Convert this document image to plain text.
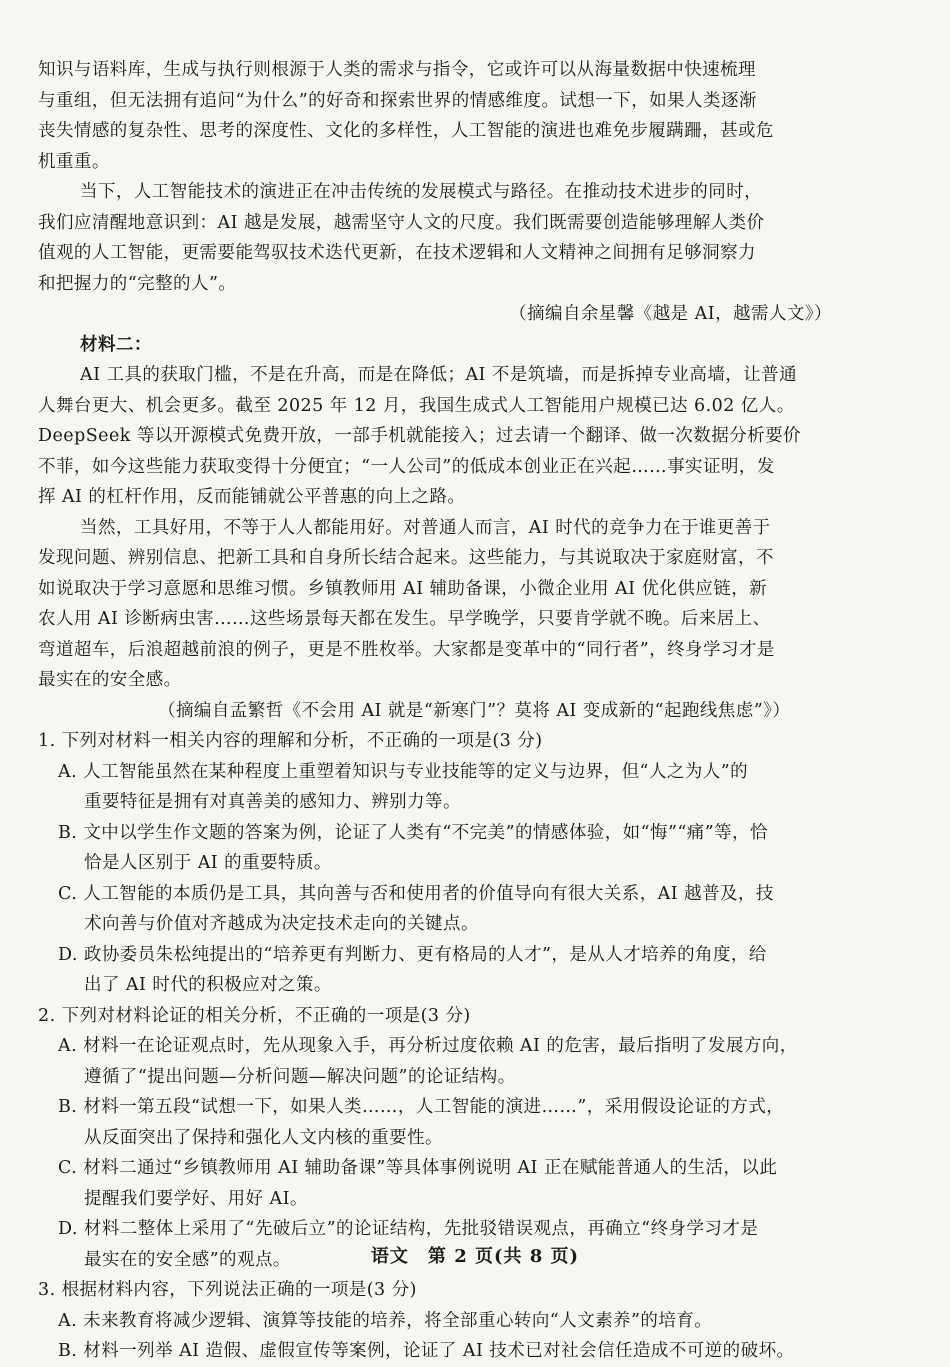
知识与语料库，生成与执行则根源于人类的需求与指令，它或许可以从海量数据中快速梳理
与重组，但无法拥有追问“为什么”的好奇和探索世界的情感维度。试想一下，如果人类逐渐
丧失情感的复杂性、思考的深度性、文化的多样性，人工智能的演进也难免步履蹒跚，甚或危
机重重。
当下，人工智能技术的演进正在冲击传统的发展模式与路径。在推动技术进步的同时，
我们应清醒地意识到：AI 越是发展，越需坚守人文的尺度。我们既需要创造能够理解人类价
值观的人工智能，更需要能驾驭技术迭代更新，在技术逻辑和人文精神之间拥有足够洞察力
和把握力的“完整的人”。
（摘编自余星馨《越是 AI，越需人文》）
材料二：
AI 工具的获取门槛，不是在升高，而是在降低；AI 不是筑墙，而是拆掉专业高墙，让普通
人舞台更大、机会更多。截至 2025 年 12 月，我国生成式人工智能用户规模已达 6.02 亿人。
DeepSeek 等以开源模式免费开放，一部手机就能接入；过去请一个翻译、做一次数据分析要价
不菲，如今这些能力获取变得十分便宜；“一人公司”的低成本创业正在兴起……事实证明，发
挥 AI 的杠杆作用，反而能铺就公平普惠的向上之路。
当然，工具好用，不等于人人都能用好。对普通人而言，AI 时代的竞争力在于谁更善于
发现问题、辨别信息、把新工具和自身所长结合起来。这些能力，与其说取决于家庭财富，不
如说取决于学习意愿和思维习惯。乡镇教师用 AI 辅助备课，小微企业用 AI 优化供应链，新
农人用 AI 诊断病虫害……这些场景每天都在发生。早学晚学，只要肯学就不晚。后来居上、
弯道超车，后浪超越前浪的例子，更是不胜枚举。大家都是变革中的“同行者”，终身学习才是
最实在的安全感。
（摘编自孟繁哲《不会用 AI 就是“新寒门”？莫将 AI 变成新的“起跑线焦虑”》）
1. 下列对材料一相关内容的理解和分析，不正确的一项是(3 分)
A. 人工智能虽然在某种程度上重塑着知识与专业技能等的定义与边界，但“人之为人”的
重要特征是拥有对真善美的感知力、辨别力等。
B. 文中以学生作文题的答案为例，论证了人类有“不完美”的情感体验，如“悔”“痛”等，恰
恰是人区别于 AI 的重要特质。
C. 人工智能的本质仍是工具，其向善与否和使用者的价值导向有很大关系，AI 越普及，技
术向善与价值对齐越成为决定技术走向的关键点。
D. 政协委员朱松纯提出的“培养更有判断力、更有格局的人才”，是从人才培养的角度，给
出了 AI 时代的积极应对之策。
2. 下列对材料论证的相关分析，不正确的一项是(3 分)
A. 材料一在论证观点时，先从现象入手，再分析过度依赖 AI 的危害，最后指明了发展方向，
遵循了“提出问题—分析问题—解决问题”的论证结构。
B. 材料一第五段“试想一下，如果人类……，人工智能的演进……”，采用假设论证的方式，
从反面突出了保持和强化人文内核的重要性。
C. 材料二通过“乡镇教师用 AI 辅助备课”等具体事例说明 AI 正在赋能普通人的生活，以此
提醒我们要学好、用好 AI。
D. 材料二整体上采用了“先破后立”的论证结构，先批驳错误观点，再确立“终身学习才是
最实在的安全感”的观点。
3. 根据材料内容，下列说法正确的一项是(3 分)
A. 未来教育将减少逻辑、演算等技能的培养，将全部重心转向“人文素养”的培育。
B. 材料一列举 AI 造假、虚假宣传等案例，论证了 AI 技术已对社会信任造成不可逆的破坏。
语文　第 2 页(共 8 页)
